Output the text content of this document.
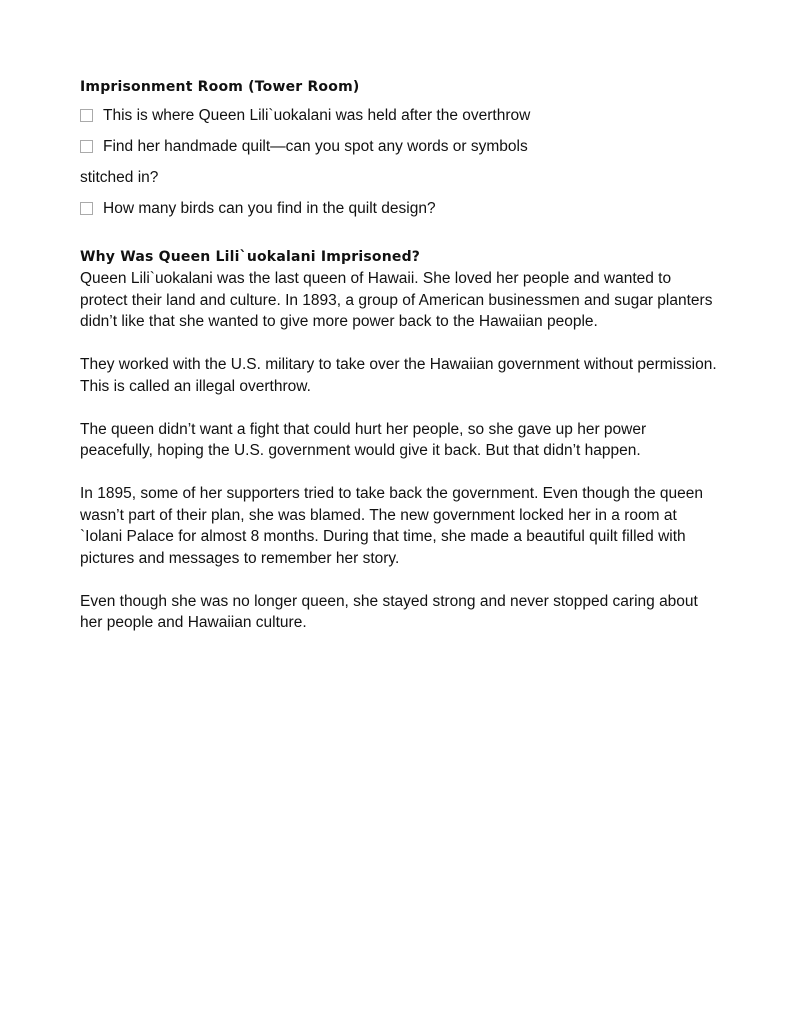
Imprisonment Room (Tower Room)
This is where Queen Lili`uokalani was held after the overthrow
Find her handmade quilt—can you spot any words or symbols
stitched in?
How many birds can you find in the quilt design?
Why Was Queen Lili`uokalani Imprisoned?

Queen Lili`uokalani was the last queen of Hawaii. She loved her people and wanted to protect their land and culture. In 1893, a group of American businessmen and sugar planters didn’t like that she wanted to give more power back to the Hawaiian people.

They worked with the U.S. military to take over the Hawaiian government without permission. This is called an illegal overthrow.

The queen didn’t want a fight that could hurt her people, so she gave up her power peacefully, hoping the U.S. government would give it back. But that didn’t happen.

In 1895, some of her supporters tried to take back the government. Even though the queen wasn’t part of their plan, she was blamed. The new government locked her in a room at `Iolani Palace for almost 8 months. During that time, she made a beautiful quilt filled with pictures and messages to remember her story.

Even though she was no longer queen, she stayed strong and never stopped caring about her people and Hawaiian culture.
